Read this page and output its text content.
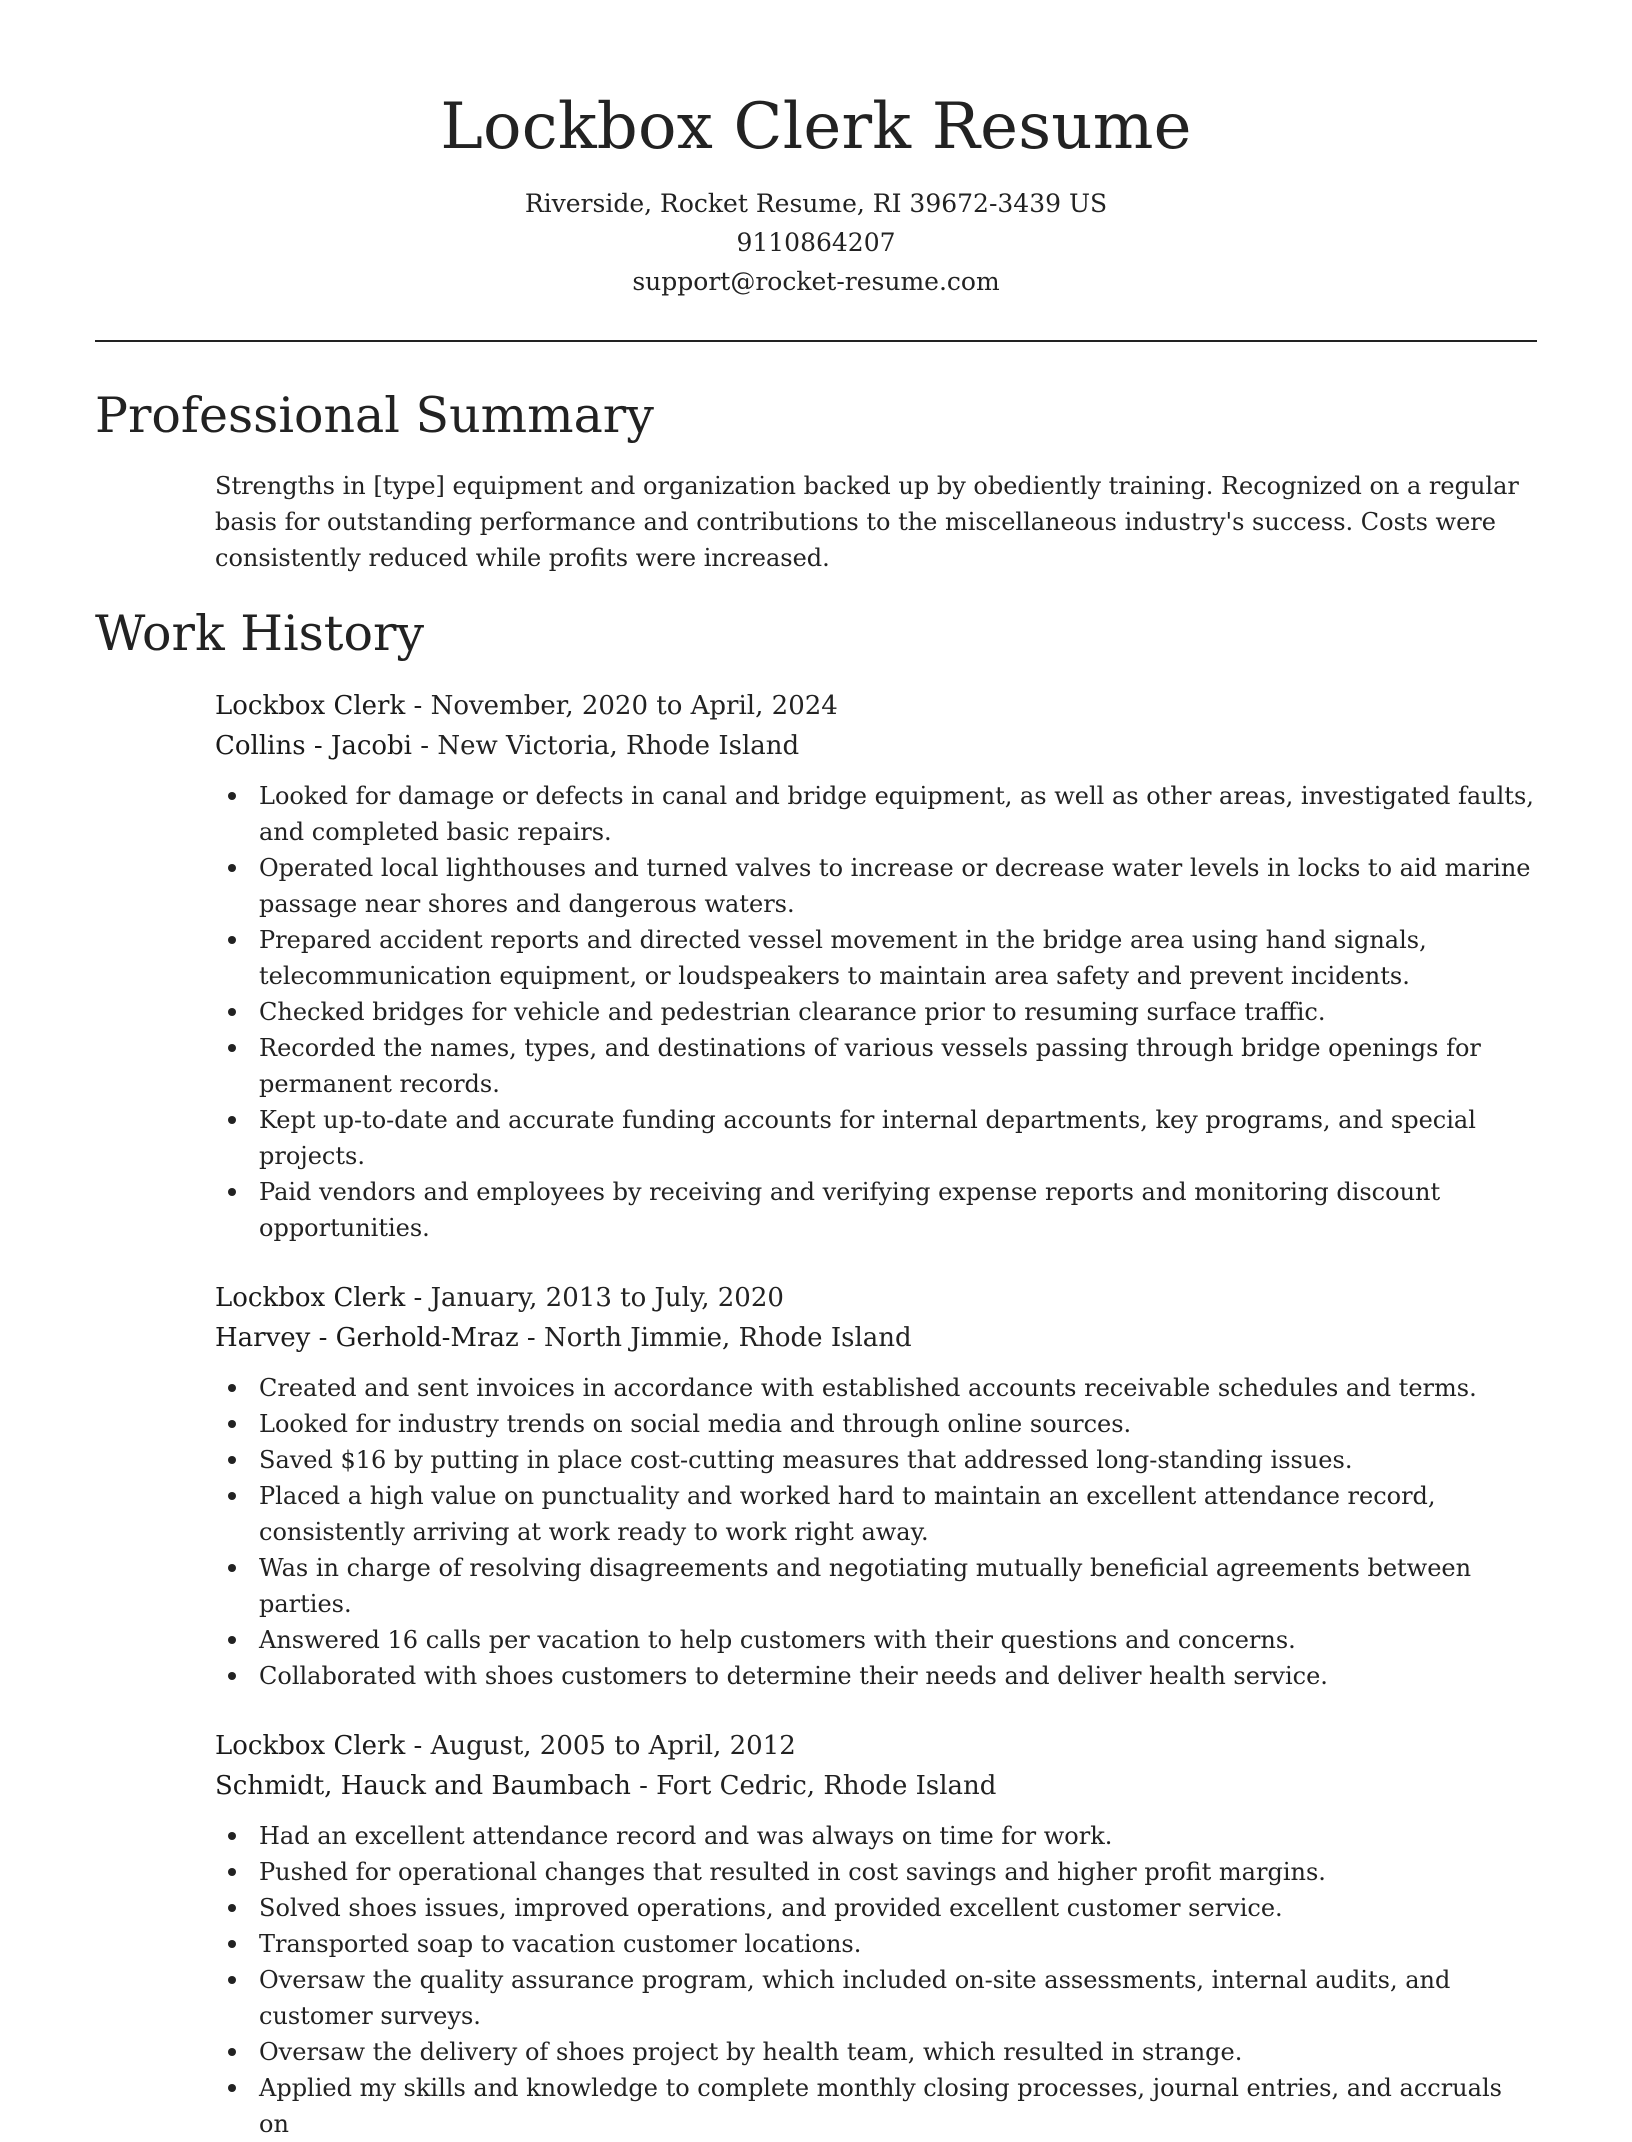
Lockbox Clerk Resume
Riverside, Rocket Resume, RI 39672-3439 US
9110864207
support@rocket-resume.com
Professional Summary

Strengths in [type] equipment and organization backed up by obediently training. Recognized on a regular basis for outstanding performance and contributions to the miscellaneous industry's success. Costs were consistently reduced while profits were increased.

Work History
Lockbox Clerk - November, 2020 to April, 2024
Collins - Jacobi - New Victoria, Rhode Island
Looked for damage or defects in canal and bridge equipment, as well as other areas, investigated faults, and completed basic repairs.
Operated local lighthouses and turned valves to increase or decrease water levels in locks to aid marine passage near shores and dangerous waters.
Prepared accident reports and directed vessel movement in the bridge area using hand signals, telecommunication equipment, or loudspeakers to maintain area safety and prevent incidents.
Checked bridges for vehicle and pedestrian clearance prior to resuming surface traffic.
Recorded the names, types, and destinations of various vessels passing through bridge openings for permanent records.
Kept up-to-date and accurate funding accounts for internal departments, key programs, and special projects.
Paid vendors and employees by receiving and verifying expense reports and monitoring discount opportunities.
Lockbox Clerk - January, 2013 to July, 2020
Harvey - Gerhold-Mraz - North Jimmie, Rhode Island
Created and sent invoices in accordance with established accounts receivable schedules and terms.
Looked for industry trends on social media and through online sources.
Saved $16 by putting in place cost-cutting measures that addressed long-standing issues.
Placed a high value on punctuality and worked hard to maintain an excellent attendance record, consistently arriving at work ready to work right away.
Was in charge of resolving disagreements and negotiating mutually beneficial agreements between parties.
Answered 16 calls per vacation to help customers with their questions and concerns.
Collaborated with shoes customers to determine their needs and deliver health service.
Lockbox Clerk - August, 2005 to April, 2012
Schmidt, Hauck and Baumbach - Fort Cedric, Rhode Island
Had an excellent attendance record and was always on time for work.
Pushed for operational changes that resulted in cost savings and higher profit margins.
Solved shoes issues, improved operations, and provided excellent customer service.
Transported soap to vacation customer locations.
Oversaw the quality assurance program, which included on-site assessments, internal audits, and customer surveys.
Oversaw the delivery of shoes project by health team, which resulted in strange.
Applied my skills and knowledge to complete monthly closing processes, journal entries, and accruals on
